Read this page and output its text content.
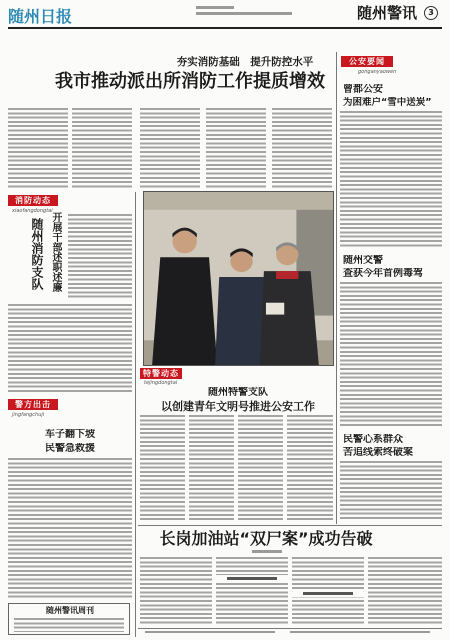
随州日报	随州警讯	3
夯实消防基础　提升防控水平
我市推动派出所消防工作提质增效
特警动态
tejingdongtai
随州特警支队
以创建青年文明号推进公安工作
公安要闻
gonganyaowen
曾都公安
为困难户“雪中送炭”
随州交警
查获今年首例毒驾
民警心系群众
苦追线索终破案
消防动态
xiaofangdongtai
随州消防支队 开展干部述职述廉
警方出击
jingfangchuji
车子翻下坡
民警急救援
随州警讯周刊
长岗加油站“双尸案”成功告破
